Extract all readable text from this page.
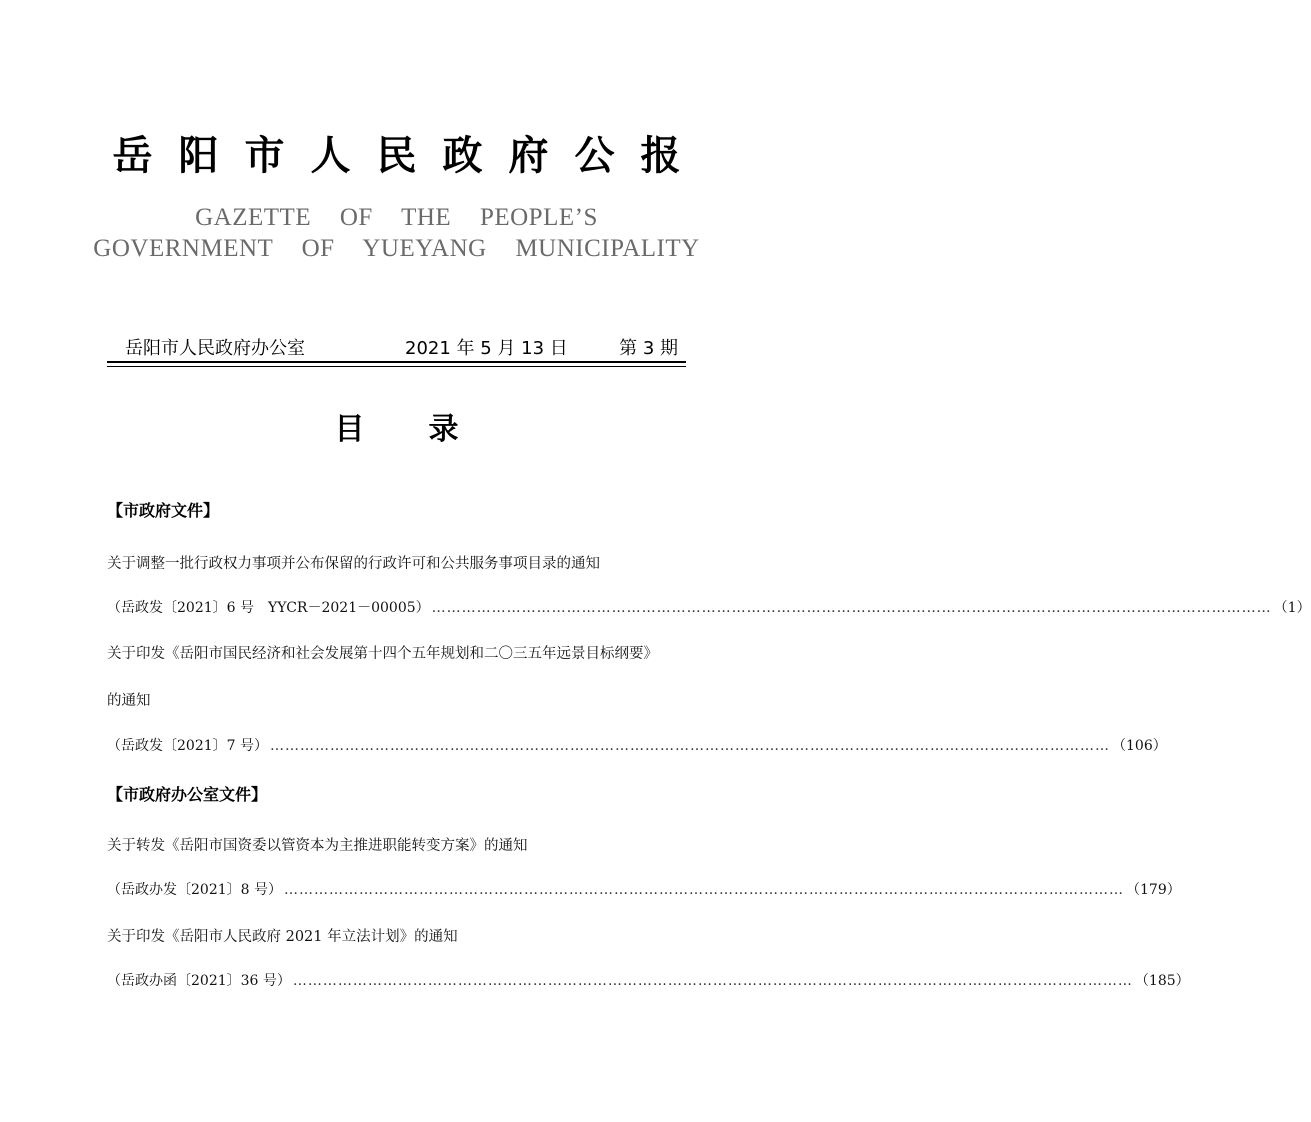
岳阳市人民政府公报
GAZETTE OF THE PEOPLE’S
GOVERNMENT OF YUEYANG MUNICIPALITY
岳阳市人民政府办公室	2021 年 5 月 13 日	第 3 期
目 录
【市政府文件】
关于调整一批行政权力事项并公布保留的行政许可和公共服务事项目录的通知
（岳政发〔2021〕6 号　YYCR－2021－00005） …………………………………………………………………………………………………………………………………………………… （1）
关于印发《岳阳市国民经济和社会发展第十四个五年规划和二〇三五年远景目标纲要》
的通知
（岳政发〔2021〕7 号） …………………………………………………………………………………………………………………………………………………… （106）
【市政府办公室文件】
关于转发《岳阳市国资委以管资本为主推进职能转变方案》的通知
（岳政办发〔2021〕8 号） …………………………………………………………………………………………………………………………………………………… （179）
关于印发《岳阳市人民政府 2021 年立法计划》的通知
（岳政办函〔2021〕36 号） …………………………………………………………………………………………………………………………………………………… （185）
